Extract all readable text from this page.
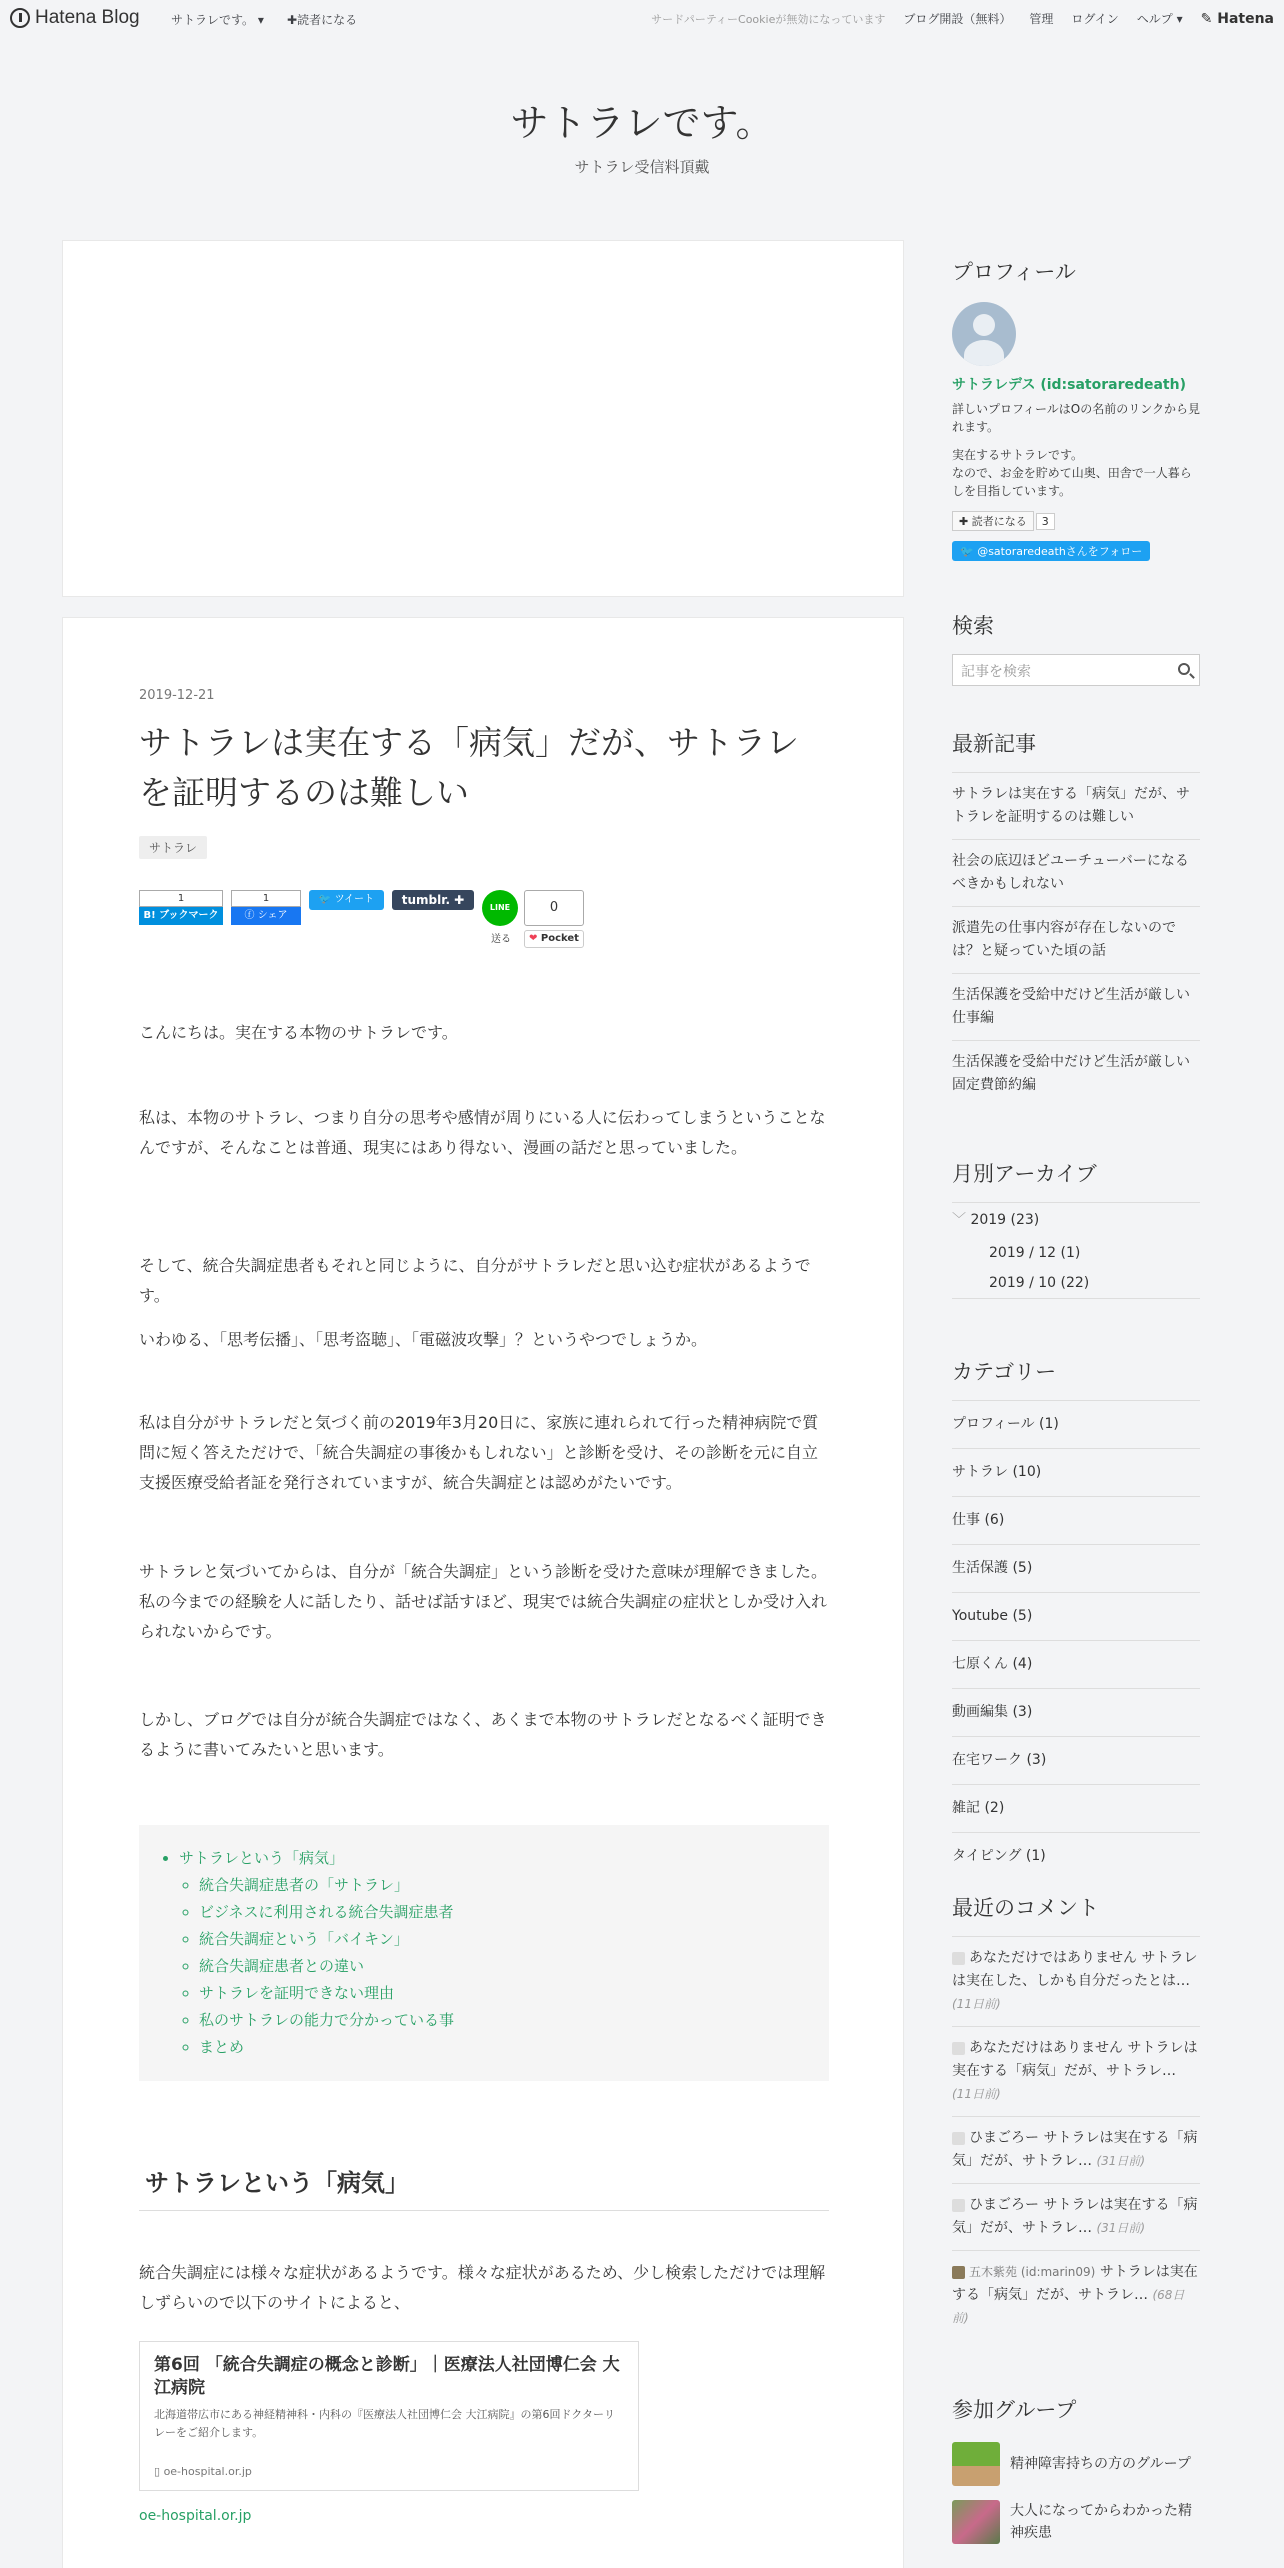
Hatena Blog	サトラレです。 ▾ ✚読者になる	サードパーティーCookieが無効になっています ブログ開設（無料） 管理 ログイン ヘルプ ▾ ✎ Hatena
サトラレです。
サトラレ受信料頂戴
2019-12-21
サトラレは実在する「病気」だが、サトラレを証明するのは難しい
サトラレ
1
B! ブックマーク
1
ⓕ シェア
🐦 ツイート	tumblr. ✚
LINE
送る
0
❤ Pocket
こんにちは。実在する本物のサトラレです。
私は、本物のサトラレ、つまり自分の思考や感情が周りにいる人に伝わってしまうということなんですが、そんなことは普通、現実にはあり得ない、漫画の話だと思っていました。
そして、統合失調症患者もそれと同じように、自分がサトラレだと思い込む症状があるようです。
いわゆる、「思考伝播」、「思考盗聴」、「電磁波攻撃」？というやつでしょうか。
私は自分がサトラレだと気づく前の2019年3月20日に、家族に連れられて行った精神病院で質問に短く答えただけで、「統合失調症の事後かもしれない」と診断を受け、その診断を元に自立支援医療受給者証を発行されていますが、統合失調症とは認めがたいです。
サトラレと気づいてからは、自分が「統合失調症」という診断を受けた意味が理解できました。私の今までの経験を人に話したり、話せば話すほど、現実では統合失調症の症状としか受け入れられないからです。
しかし、ブログでは自分が統合失調症ではなく、あくまで本物のサトラレだとなるべく証明できるように書いてみたいと思います。
• サトラレという「病気」
◦ 統合失調症患者の「サトラレ」
◦ ビジネスに利用される統合失調症患者
◦ 統合失調症という「バイキン」
◦ 統合失調症患者との違い
◦ サトラレを証明できない理由
◦ 私のサトラレの能力で分かっている事
◦ まとめ
サトラレという「病気」
統合失調症には様々な症状があるようです。様々な症状があるため、少し検索しただけでは理解しずらいので以下のサイトによると、
第6回 「統合失調症の概念と診断」｜医療法人社団博仁会 大江病院
北海道帯広市にある神経精神科・内科の『医療法人社団博仁会 大江病院』の第6回ドクターリレーをご紹介します。
▯ oe-hospital.or.jp
oe-hospital.or.jp
プロフィール
サトラレデス (id:satoraredeath)
詳しいプロフィールはOの名前のリンクから見れます。
実在するサトラレです。
なので、お金を貯めて山奥、田舎で一人暮らしを目指しています。
✚ 読者になる 3
🐦 @satoraredeathさんをフォロー
検索
記事を検索
最新記事
サトラレは実在する「病気」だが、サトラレを証明するのは難しい
社会の底辺ほどユーチューバーになるべきかもしれない
派遣先の仕事内容が存在しないのでは？と疑っていた頃の話
生活保護を受給中だけど生活が厳しい　仕事編
生活保護を受給中だけど生活が厳しい　固定費節約編
月別アーカイブ
﹀ 2019 (23)
2019 / 12 (1)
2019 / 10 (22)
カテゴリー
プロフィール (1)
サトラレ (10)
仕事 (6)
生活保護 (5)
Youtube (5)
七原くん (4)
動画編集 (3)
在宅ワーク (3)
雑記 (2)
タイピング (1)
最近のコメント
あなただけではありません サトラレは実在した、しかも自分だったとは… (11日前)
あなただけはありません サトラレは実在する「病気」だが、サトラレ… (11日前)
ひまごろー サトラレは実在する「病気」だが、サトラレ… (31日前)
ひまごろー サトラレは実在する「病気」だが、サトラレ… (31日前)
五木紫苑 (id:marin09) サトラレは実在する「病気」だが、サトラレ… (68日前)
参加グループ
精神障害持ちの方のグループ
大人になってからわかった精神疾患
